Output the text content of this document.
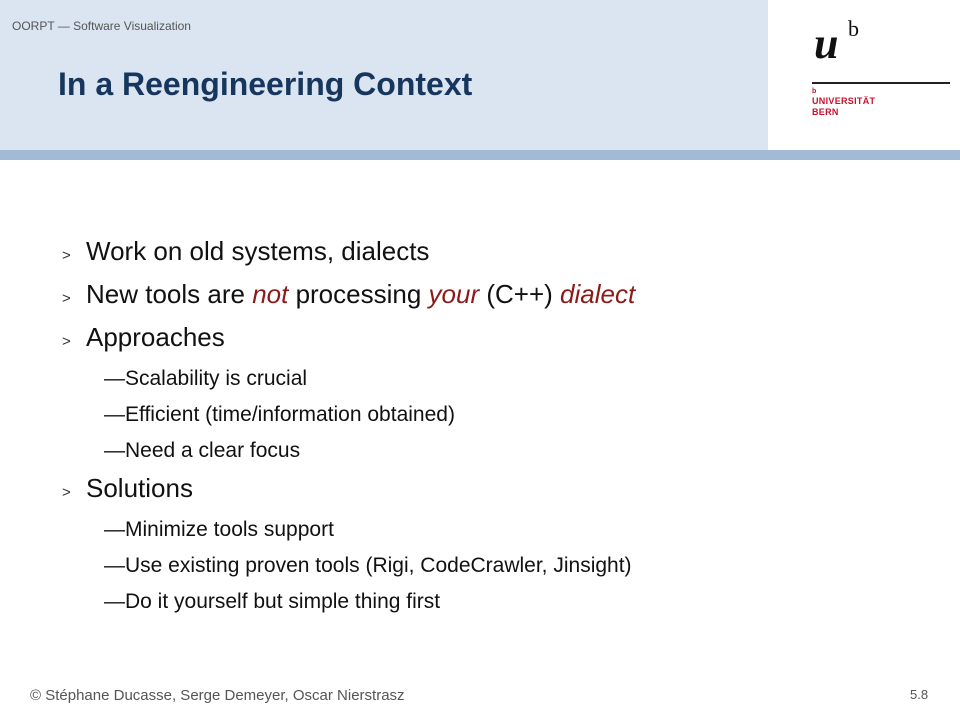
OORPT — Software Visualization
In a Reengineering Context
u b
b
UNIVERSITÄT
BERN
> Work on old systems, dialects
> New tools are not processing your (C++) dialect
> Approaches
—Scalability is crucial
—Efficient (time/information obtained)
—Need a clear focus
> Solutions
—Minimize tools support
—Use existing proven tools (Rigi, CodeCrawler, Jinsight)
—Do it yourself but simple thing first
© Stéphane Ducasse, Serge Demeyer, Oscar Nierstrasz	5.8
